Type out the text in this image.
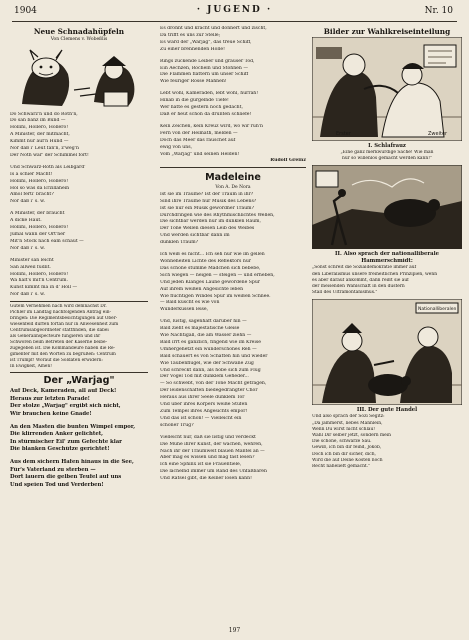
1904	· JUGEND ·	Nr. 10
Neue Schnadahüpfeln
Von Clemens v. Wobeßlis
Dö Schwarz'n und dö Roth'n,
Dö san banz im Bund —
Hollihi, Hollero, Hollero!
A Minister, der mitmacht,
Kimmt nur auf'n Hund —
Nor daß i' Leut fan'n, z'weg'n
Der Noth wär' der Schimmel fort!
Und Schwarz-Roth als Leibgard'
Is a schier Macht!
Hollihi, Hollero, Hollero!
Hol so was da Erzillahein
Amol ferti' bracht?
Nor daß i' s. w.
A Minister, der braucht
A dicke Haut.
Hollihi, Hollero, Hollero!
Jumal wann der Ort'ner
Mit'n Stock nach eam schaut —
Nor daß i' s. w.
Minister san leicht
San allweil füdlit.
Hollihi, Hollero, Hollero!
Wa halt's mit'n Centrum.
Kunst kimmt ma in d' Höll —
Nor daß i' s. w.
Gutem Vernehmen nach wird demnächst Dr.
Pichler im Landtag nachfolgenden Antrag ein-
bringen: Die Regimentsbesichtigungen auf Ober-
wiesenfeld dürfen fortan nur in Anwesenheit zum
Centrumsabgeordneter stattfinden, die dabei
als Generalinspecteure fungieren und ihr
Schwören beim Betreten der Kaserne beibe-
zugegeben ist. Die Kommandeure haben die Re-
gimenter mit den Worten zu begrüßen: Centrum
ist Trumpf! Worauf die Soldaten erwidern:
In Ewigkeit, Amen!
Der „Warjag"
Auf Deck, Kameraden, all auf Deck!
Heraus zur letzten Parade!
Der stolze „Warjag" ergibt sich nicht,
Wir brauchen keine Gnade!
An den Masten die bunten Wimpel empor,
Die klirrenden Anker gelichtet,
In stürmischer Eil' zum Gefechte klar
Die blanken Geschütze gerichtet!
Aus dem sichern Hafen hinaus in die See,
Für's Vaterland zu sterben —
Dort lauern die gelben Teufel auf uns
Und speien Tod und Verderben!
Es dröhnt und kracht und donnert und zischt,
Da trifft es uns zur Stelle;
Es ward der „Warjag", das treue Schiff,
Zu einer brennenden Hölle!
Rings zuckende Leiber und grauser Tod,
Ein Aechzen, Röcheln und Stöhnen —
Die Flammen flattern um unser Schiff
Wie feuriger Rosse Mähnen!
Lebt wohl, Kameraden, lebt wohl, hurrah!
Hinab in die gurgelnde Tiefe!
Wer hätte es gestern noch gedacht,
Daß er heut schon da drunten schliefe!
Kein Zeichen, kein Kreuz wird, wo wir ruh'n
Fern von der Heimath, melden —
Doch das Meer das rauschet auf
ewig von uns,
Vom „Warjag" und seinen Helden!
Rudolf Greinz
Madeleine
Von A. De Nora
Ist sie im Traume? Ist der Traum in ihr?
Sind ihre Träume nur Musik des Lebens?
Ist sie nur ein Musik gewordner Traum?
Durchdringen wie des Rhythmischlichtes Wellen,
Die sichtbar werden nur im dunklen Raum,
Der Töne Wellen diesen Leib des Weibes
Und werden sichtbar dann im
dunklen Traum?
Ich weiß es nicht... Ich seh nur wie im gellen
Wonneheiten Lichte des Reflektors nur
Das schöne stumme Mädchen sich bebebe,
Sich wiegen — neigen — steigen — und erheben,
Und jeden Klanges Laune gewordene Spur
Auf ihrem weißen Angesichte leben
Wie flüchtigen Windes Spur im weißen Schnee.
— Bald kuscht es wie von
Wunderküssen leise,
Und, lustig, sagenhaft darüber hin —
Bald zieht es majestätische Gleise
Wie Nachtigall, die am Wasser ziehn —
Bald irrt es gänzlich, fingend wie im Kreise
Umhergehetzt ein wunderschönes Reh —
Bald schauert es von Schatten hin und wieder
Wie Taubenflügel, wie der Schwäne Zug
Und schreckt dann, als höbe sich zum Flug
Der Vogel Tod mit dunklem Gefieder...
— So schwebt, von der Töne Macht getragen,
Der leidenschaften biedegedrängter Chor
Heraus aus ihrer Seele dunklem Tor
Und über ihres Körpers weiße Stufen
Zum Tempel ihres Angesichts empor!
Und das ist schön! — Vielleicht ein
schöner Trug?
Vielleicht nur, daß sie listig und verdeckt
Die Mühe ihrer Kunst, der wachen, wehren,
Nach ihr der Traumwelt blauen Mantel an —
Aber mag es wissen und mag fast lesen?
Ich eine Sphinx ist sie Frauentiele,
Die lächelnd immer um Rand des Unfaßbaren
Und Rätsel gibt, die Keiner lösen kann!
Bilder zur Wahlkreiseinteilung
Erster	Zweiter
I. Schlafrauz
„Eine ganz merkwürdige Sache! Wie man
nur so willenlos gemacht werden kann!"
II. Also sprach der nationalliberale
Hammerschmidt:
„Sonst schreit die Sozialdemokratie immer auf
den Liberalismus unsere freiheitlichen Prinzipien, wenn
es aber darauf ankommt, dann reißt sie auf
der meisenden Wahlschaft in den düstern
Stall des Ultramontanismus."
Nationalliberalen
III. Der gute Handel
Und also sprach der Sozi Segitz:
„Da jammerst, liebes Männlein,
Wenn Du wirst nicht schlau!
Wahl Dir selber jetzt, sondern mein
Die schöne, schwarze Sau.
Gewiß, ich bin dir feind, Jokob,
Doch ich bin dir sicher, dich,
Wird die auf Deine Kosten noch
Recht nahelieft gemacht."
197
